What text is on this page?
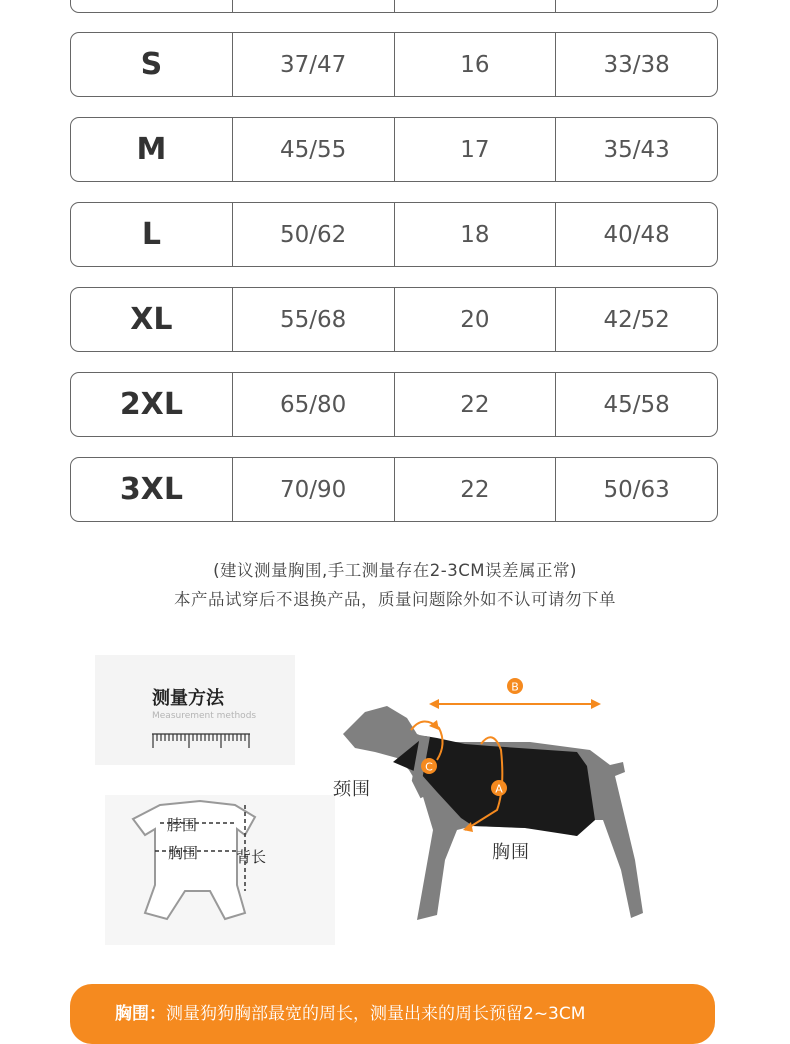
S	37/47	16	33/38
M	45/55	17	35/43
L	50/62	18	40/48
XL	55/68	20	42/52
2XL	65/80	22	45/58
3XL	70/90	22	50/63
(建议测量胸围,手工测量存在2-3CM误差属正常)
本产品试穿后不退换产品，质量问题除外如不认可请勿下单
测量方法
Measurement methods
脖围
胸围	背长
B
C
A
颈围
胸围
胸围：测量狗狗胸部最宽的周长，测量出来的周长预留2~3CM
